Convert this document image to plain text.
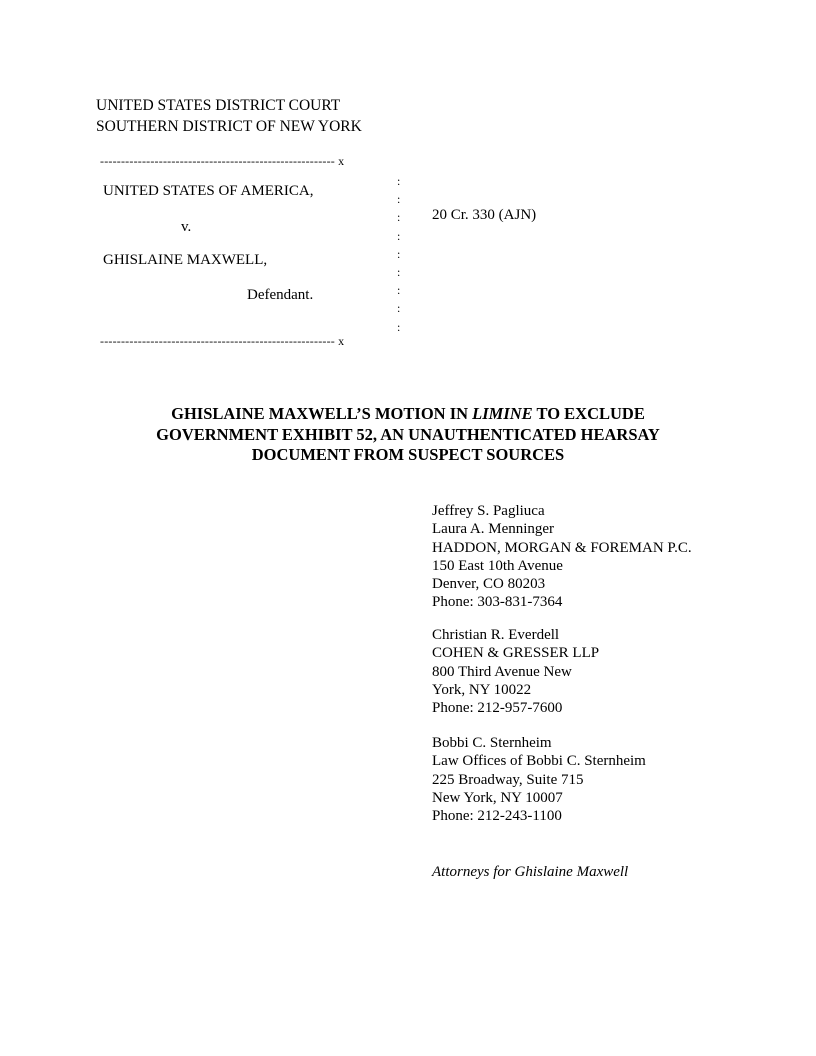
UNITED STATES DISTRICT COURT
SOUTHERN DISTRICT OF NEW YORK
-------------------------------------------------------- x
:
:
:
:
:
:
:
:
:
UNITED STATES OF AMERICA,
20 Cr. 330 (AJN)
v.
GHISLAINE MAXWELL,
Defendant.
-------------------------------------------------------- x
GHISLAINE MAXWELL’S MOTION IN LIMINE TO EXCLUDE
GOVERNMENT EXHIBIT 52, AN UNAUTHENTICATED HEARSAY
DOCUMENT FROM SUSPECT SOURCES
Jeffrey S. Pagliuca
Laura A. Menninger
HADDON, MORGAN & FOREMAN P.C.
150 East 10th Avenue
Denver, CO 80203
Phone: 303-831-7364
Christian R. Everdell
COHEN & GRESSER LLP
800 Third Avenue New
York, NY 10022
Phone: 212-957-7600
Bobbi C. Sternheim
Law Offices of Bobbi C. Sternheim
225 Broadway, Suite 715
New York, NY 10007
Phone: 212-243-1100
Attorneys for Ghislaine Maxwell
